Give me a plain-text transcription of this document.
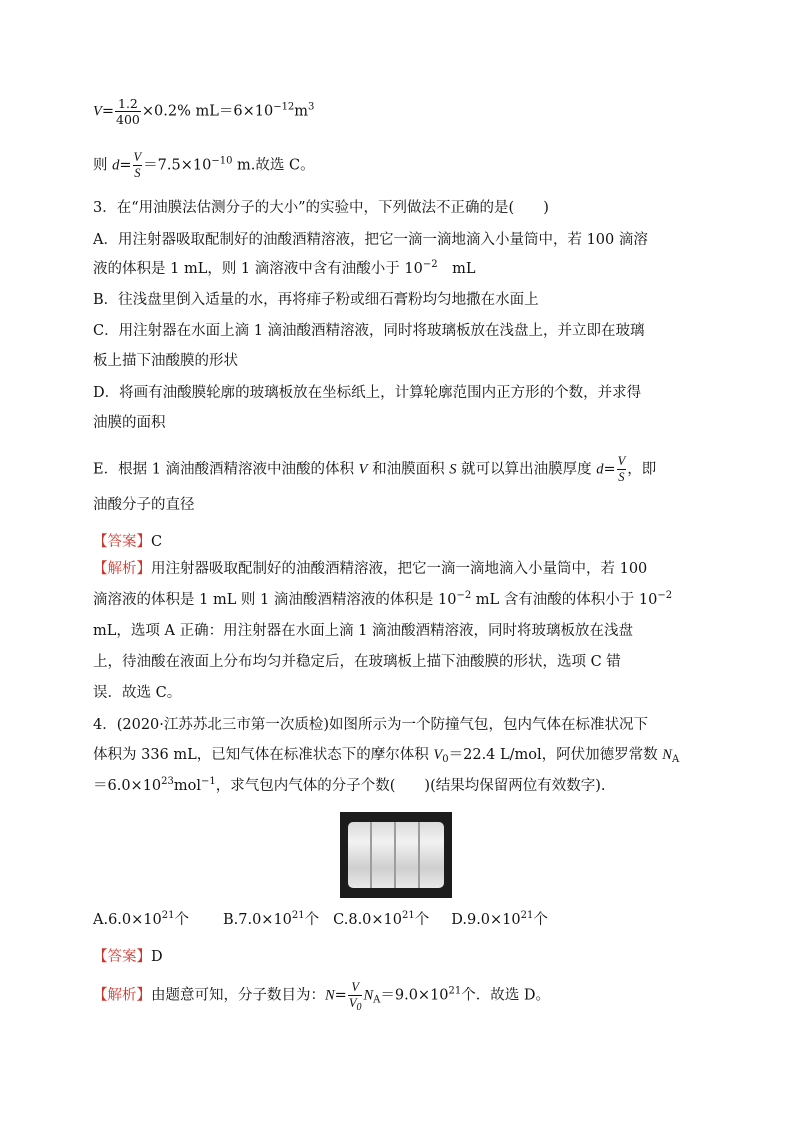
$V= \frac{1.2}{400} \times 0.2\%$ $mL=6\times 10^{-12}m^3$
则 $d= \frac{V}{S} =7.5\times 10^{-10}$ m.故选 C。
3．在“用油膜法估测分子的大小”的实验中，下列做法不正确的是(　　)
A．用注射器吸取配制好的油酸酒精溶液，把它一滴一滴地滴入小量筒中，若 100 滴溶
液的体积是 1 mL，则 1 滴溶液中含有油酸小于 $10^{-2}$　mL
B．往浅盘里倒入适量的水，再将痱子粉或细石膏粉均匀地撒在水面上
C．用注射器在水面上滴 1 滴油酸酒精溶液，同时将玻璃板放在浅盘上，并立即在玻璃
板上描下油酸膜的形状
D．将画有油酸膜轮廓的玻璃板放在坐标纸上，计算轮廓范围内正方形的个数，并求得
油膜的面积
E．根据 1 滴油酸酒精溶液中油酸的体积 V 和油膜面积 S 就可以算出油膜厚度 $d= \frac{V}{S}$ ，即
油酸分子的直径
【答案】C
【解析】用注射器吸取配制好的油酸酒精溶液，把它一滴一滴地滴入小量筒中，若 100
滴溶液的体积是 1 mL 则 1 滴油酸酒精溶液的体积是 $10^{-2}$ mL 含有油酸的体积小于 $10^{-2}$
mL，选项 A 正确：用注射器在水面上滴 1 滴油酸酒精溶液，同时将玻璃板放在浅盘
上，待油酸在液面上分布均匀并稳定后，在玻璃板上描下油酸膜的形状，选项 C 错
误．故选 C。
4．(2020·江苏苏北三市第一次质检)如图所示为一个防撞气包，包内气体在标准状况下
体积为 336 mL，已知气体在标准状态下的摩尔体积 $V_0=22.4$ L/mol，阿伏加德罗常数 $N_A$
$=6.0\times 10^{23}mol^{-1}$，求气包内气体的分子个数(　　)(结果均保留两位有效数字).
$A.6.0\times 10^{21}$个 $B.7.0\times 10^{21}$个 $C.8.0\times 10^{21}$个 $D.9.0\times 10^{21}$个
【答案】D
【解析】由题意可知，分子数目为：$N= \frac{V}{V_0} N_A=9.0\times 10^{21}$个．故选 D。
